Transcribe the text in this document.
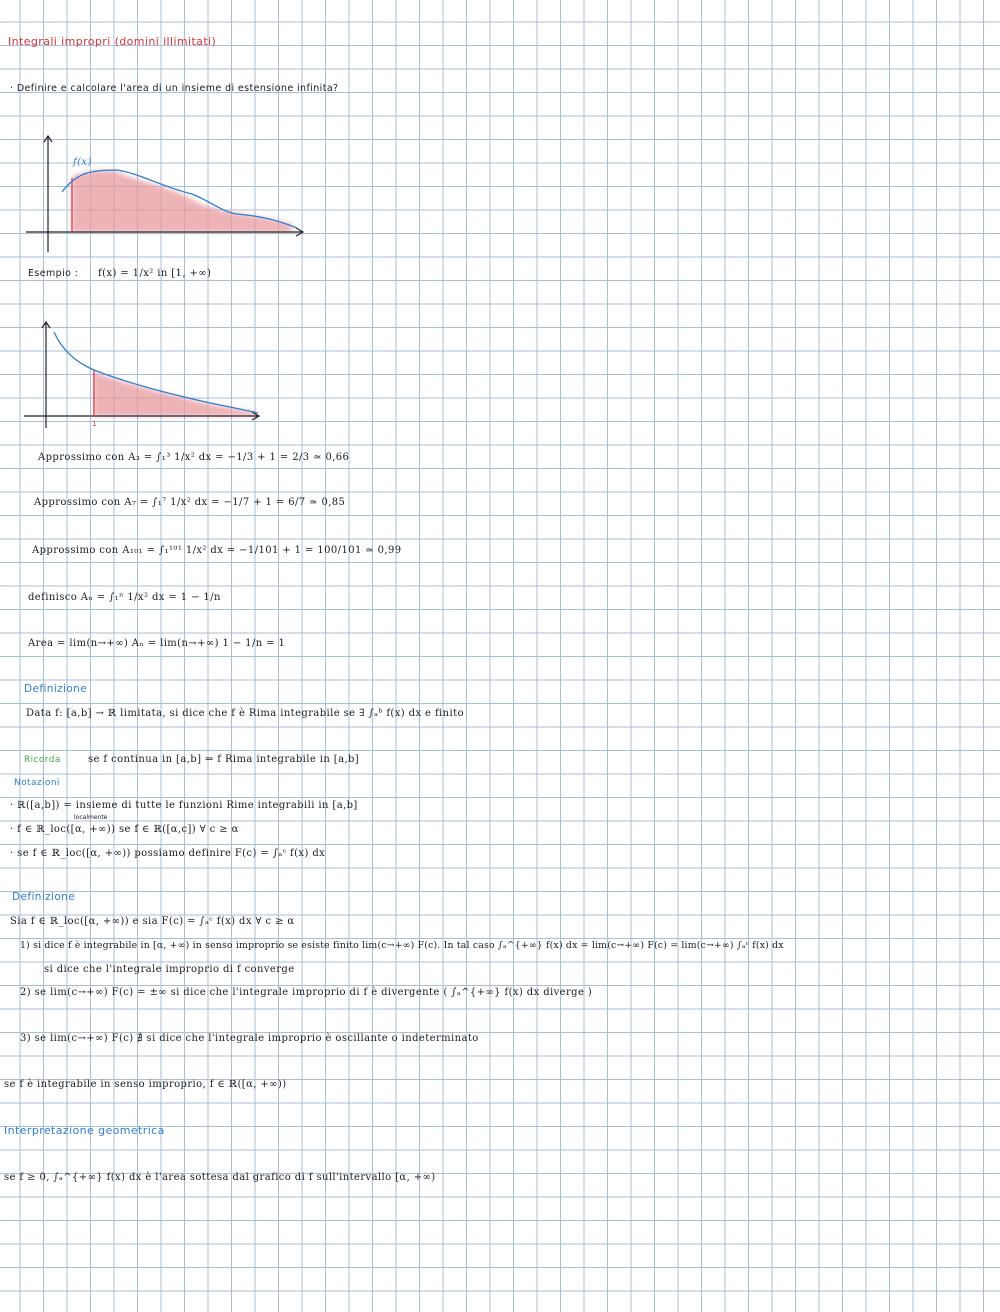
Integrali impropri (domini illimitati)
· Definire e calcolare l'area di un insieme di estensione infinita?
f(x)
Esempio : f(x) = 1/x² in [1, +∞)
1
Approssimo con A₃ = ∫₁³ 1/x² dx = −1/3 + 1 = 2/3 ≃ 0,66
Approssimo con A₇ = ∫₁⁷ 1/x² dx = −1/7 + 1 = 6/7 ≃ 0,85
Approssimo con A₁₀₁ = ∫₁¹⁰¹ 1/x² dx = −1/101 + 1 = 100/101 ≃ 0,99
definisco Aₙ = ∫₁ⁿ 1/x² dx = 1 − 1/n
Area = lim(n→+∞) Aₙ = lim(n→+∞) 1 − 1/n = 1
Definizione
Data f: [a,b] → ℝ limitata, si dice che f è Rima integrabile se ∃ ∫ₐᵇ f(x) dx e finito
Ricorda	se f continua in [a,b] ⇒ f Rima integrabile in [a,b]
Notazioni
· ℝ([a,b]) = insieme di tutte le funzioni Rime integrabili in [a,b]
localmente
· f ∈ ℝ_loc([α, +∞)) se f ∈ ℝ([α,c]) ∀ c ≥ α
· se f ∈ ℝ_loc([α, +∞)) possiamo definire F(c) = ∫ₐᶜ f(x) dx
Definizione
Sia f ∈ ℝ_loc([α, +∞)) e sia F(c) = ∫ₐᶜ f(x) dx ∀ c ≥ α
1) si dice f è integrabile in [α, +∞) in senso improprio se esiste finito lim(c→+∞) F(c). In tal caso ∫ₐ^{+∞} f(x) dx = lim(c→+∞) F(c) = lim(c→+∞) ∫ₐᶜ f(x) dx
si dice che l'integrale improprio di f converge
2) se lim(c→+∞) F(c) = ±∞ si dice che l'integrale improprio di f è divergente ( ∫ₐ^{+∞} f(x) dx diverge )
3) se lim(c→+∞) F(c) ∄ si dice che l'integrale improprio è oscillante o indeterminato
se f è integrabile in senso improprio, f ∈ ℝ([α, +∞))
Interpretazione geometrica
se f ≥ 0, ∫ₐ^{+∞} f(x) dx è l'area sottesa dal grafico di f sull'intervallo [α, +∞)
